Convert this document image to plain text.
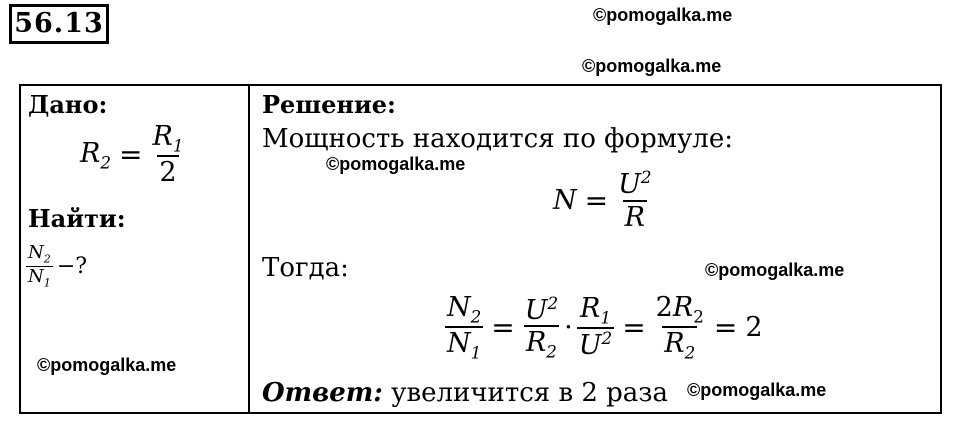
56.13	©pomogalka.me
©pomogalka.me
©pomogalka.me
©pomogalka.me
©pomogalka.me
©pomogalka.me
Дано:
$R_2 = \frac{R_1}{2}$
Найти:
$\frac{N_2}{N_1}$ −?
Решение:
Мощность находится по формуле:
$N = \frac{U^2}{R}$
Тогда:
$\frac{N_2}{N_1} = \frac{U^2}{R_2} \cdot \frac{R_1}{U^2} = \frac{2R_2}{R_2} = 2$
Ответ: увеличится в 2 раза
